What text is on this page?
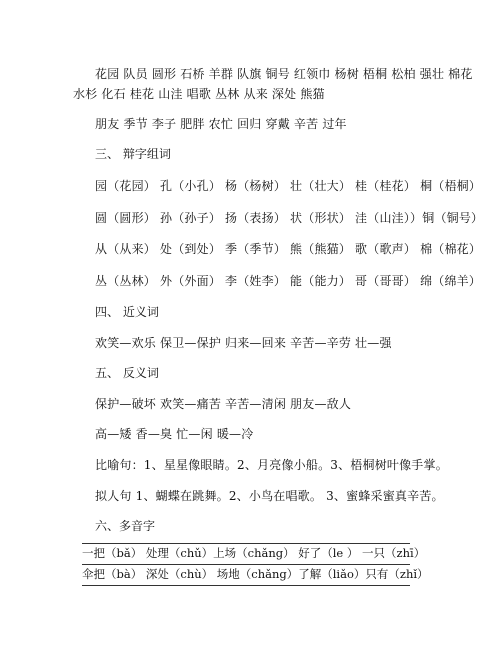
花园 队员 圆形 石桥 羊群 队旗 铜号 红领巾 杨树 梧桐 松柏 强壮 棉花
水杉 化石 桂花 山洼 唱歌 丛林 从来 深处 熊猫
朋友 季节 李子 肥胖 农忙 回归 穿戴 辛苦 过年
三、 辩字组词
园（花园） 孔（小孔） 杨（杨树） 壮（壮大） 桂（桂花） 桐（梧桐）
圆（圆形） 孙（孙子） 扬（表扬） 状（形状） 洼（山洼））铜（铜号）
从（从来） 处（到处） 季（季节） 熊（熊猫） 歌（歌声） 棉（棉花）
丛（丛林） 外（外面） 李（姓李） 能（能力） 哥（哥哥） 绵（绵羊）
四、 近义词
欢笑—欢乐 保卫—保护 归来—回来 辛苦—辛劳 壮—强
五、 反义词
保护—破坏 欢笑—痛苦 辛苦—清闲 朋友—敌人
高—矮 香—臭 忙—闲 暖—冷
比喻句：1、星星像眼睛。2、月亮像小船。3、梧桐树叶像手掌。
拟人句 1、蝴蝶在跳舞。2、小鸟在唱歌。 3、蜜蜂采蜜真辛苦。
六、多音字
一把（bǎ） 处理（chǔ）上场（chǎng） 好了（le ） 一只（zhī）
伞把（bà） 深处（chù） 场地（chǎng）了解（liǎo）只有（zhǐ）
